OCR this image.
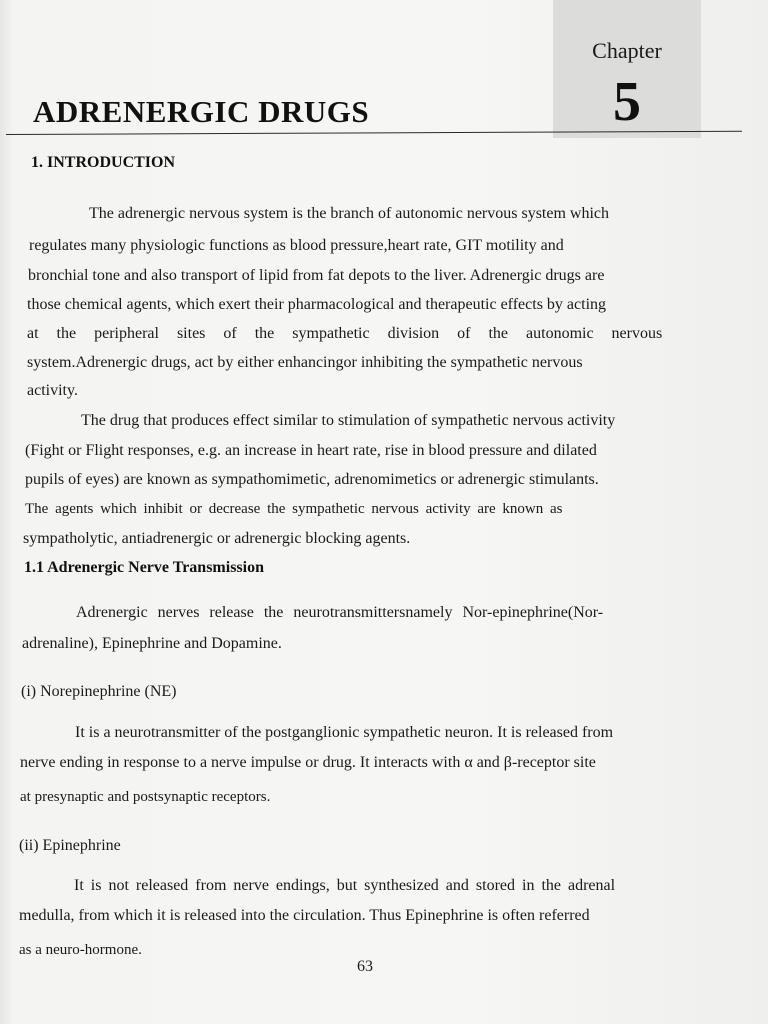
Chapter
5
ADRENERGIC DRUGS
1. INTRODUCTION
The adrenergic nervous system is the branch of autonomic nervous system which
regulates many physiologic functions as blood pressure,heart rate, GIT motility and
bronchial tone and also transport of lipid from fat depots to the liver. Adrenergic drugs are
those chemical agents, which exert their pharmacological and therapeutic effects by acting
at the peripheral sites of the sympathetic division of the autonomic nervous
system.Adrenergic drugs, act by either enhancingor inhibiting the sympathetic nervous
activity.
The drug that produces effect similar to stimulation of sympathetic nervous activity
(Fight or Flight responses, e.g. an increase in heart rate, rise in blood pressure and dilated
pupils of eyes) are known as sympathomimetic, adrenomimetics or adrenergic stimulants.
The agents which inhibit or decrease the sympathetic nervous activity are known as
sympatholytic, antiadrenergic or adrenergic blocking agents.
1.1 Adrenergic Nerve Transmission
Adrenergic nerves release the neurotransmittersnamely Nor-epinephrine(Nor-
adrenaline), Epinephrine and Dopamine.
(i) Norepinephrine (NE)
It is a neurotransmitter of the postganglionic sympathetic neuron. It is released from
nerve ending in response to a nerve impulse or drug. It interacts with α and β-receptor site
at presynaptic and postsynaptic receptors.
(ii) Epinephrine
It is not released from nerve endings, but synthesized and stored in the adrenal
medulla, from which it is released into the circulation. Thus Epinephrine is often referred
as a neuro-hormone.
63
